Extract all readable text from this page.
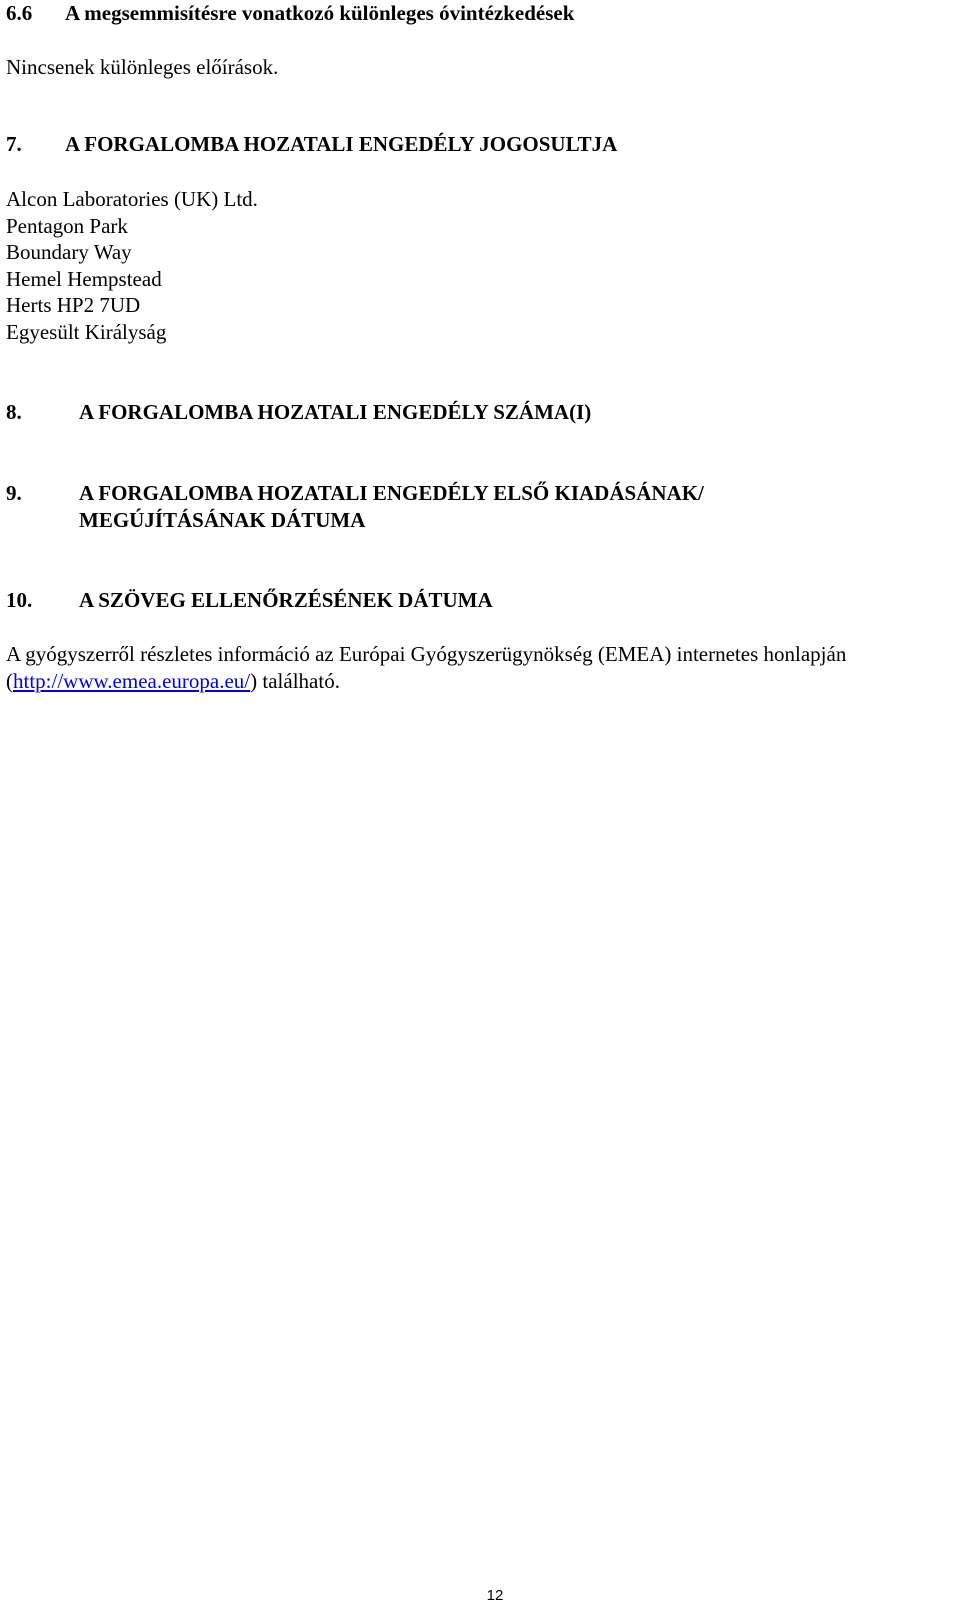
6.6 A megsemmisítésre vonatkozó különleges óvintézkedések

Nincsenek különleges előírások.

7. A FORGALOMBA HOZATALI ENGEDÉLY JOGOSULTJA
Alcon Laboratories (UK) Ltd.
Pentagon Park
Boundary Way
Hemel Hempstead
Herts HP2 7UD
Egyesült Királyság
8.	A FORGALOMBA HOZATALI ENGEDÉLY SZÁMA(I)
9.	A FORGALOMBA HOZATALI ENGEDÉLY ELSŐ KIADÁSÁNAK/
MEGÚJÍTÁSÁNAK DÁTUMA
10. A SZÖVEG ELLENŐRZÉSÉNEK DÁTUMA
A gyógyszerről részletes információ az Európai Gyógyszerügynökség (EMEA) internetes honlapján
(http://www.emea.europa.eu/) található.
12
